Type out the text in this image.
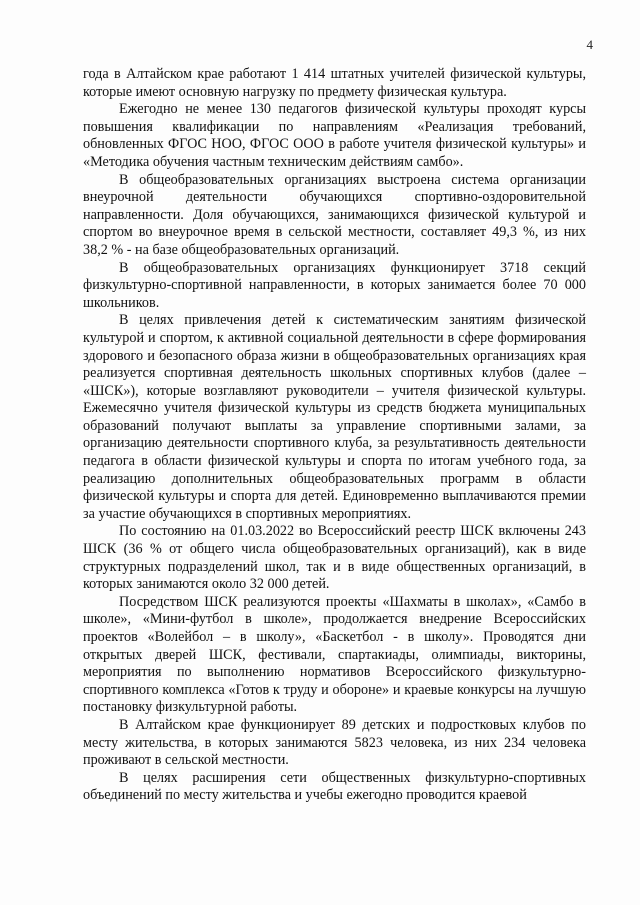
4

года в Алтайском крае работают 1 414 штатных учителей физической культуры, которые имеют основную нагрузку по предмету физическая культура.

Ежегодно не менее 130 педагогов физической культуры проходят курсы повышения квалификации по направлениям «Реализация требований, обновленных ФГОС НОО, ФГОС ООО в работе учителя физической культуры» и «Методика обучения частным техническим действиям самбо».

В общеобразовательных организациях выстроена система организации внеурочной деятельности обучающихся спортивно-оздоровительной направленности. Доля обучающихся, занимающихся физической культурой и спортом во внеурочное время в сельской местности, составляет 49,3 %, из них 38,2 % - на базе общеобразовательных организаций.

В общеобразовательных организациях функционирует 3718 секций физкультурно-спортивной направленности, в которых занимается более 70 000 школьников.

В целях привлечения детей к систематическим занятиям физической культурой и спортом, к активной социальной деятельности в сфере формирования здорового и безопасного образа жизни в общеобразовательных организациях края реализуется спортивная деятельность школьных спортивных клубов (далее – «ШСК»), которые возглавляют руководители – учителя физической культуры. Ежемесячно учителя физической культуры из средств бюджета муниципальных образований получают выплаты за управление спортивными залами, за организацию деятельности спортивного клуба, за результативность деятельности педагога в области физической культуры и спорта по итогам учебного года, за реализацию дополнительных общеобразовательных программ в области физической культуры и спорта для детей. Единовременно выплачиваются премии за участие обучающихся в спортивных мероприятиях.

По состоянию на 01.03.2022 во Всероссийский реестр ШСК включены 243 ШСК (36 % от общего числа общеобразовательных организаций), как в виде структурных подразделений школ, так и в виде общественных организаций, в которых занимаются около 32 000 детей.

Посредством ШСК реализуются проекты «Шахматы в школах», «Самбо в школе», «Мини-футбол в школе», продолжается внедрение Всероссийских проектов «Волейбол – в школу», «Баскетбол - в школу». Проводятся дни открытых дверей ШСК, фестивали, спартакиады, олимпиады, викторины, мероприятия по выполнению нормативов Всероссийского физкультурно-спортивного комплекса «Готов к труду и обороне» и краевые конкурсы на лучшую постановку физкультурной работы.

В Алтайском крае функционирует 89 детских и подростковых клубов по месту жительства, в которых занимаются 5823 человека, из них 234 человека проживают в сельской местности.

В целях расширения сети общественных физкультурно-спортивных объединений по месту жительства и учебы ежегодно проводится краевой
